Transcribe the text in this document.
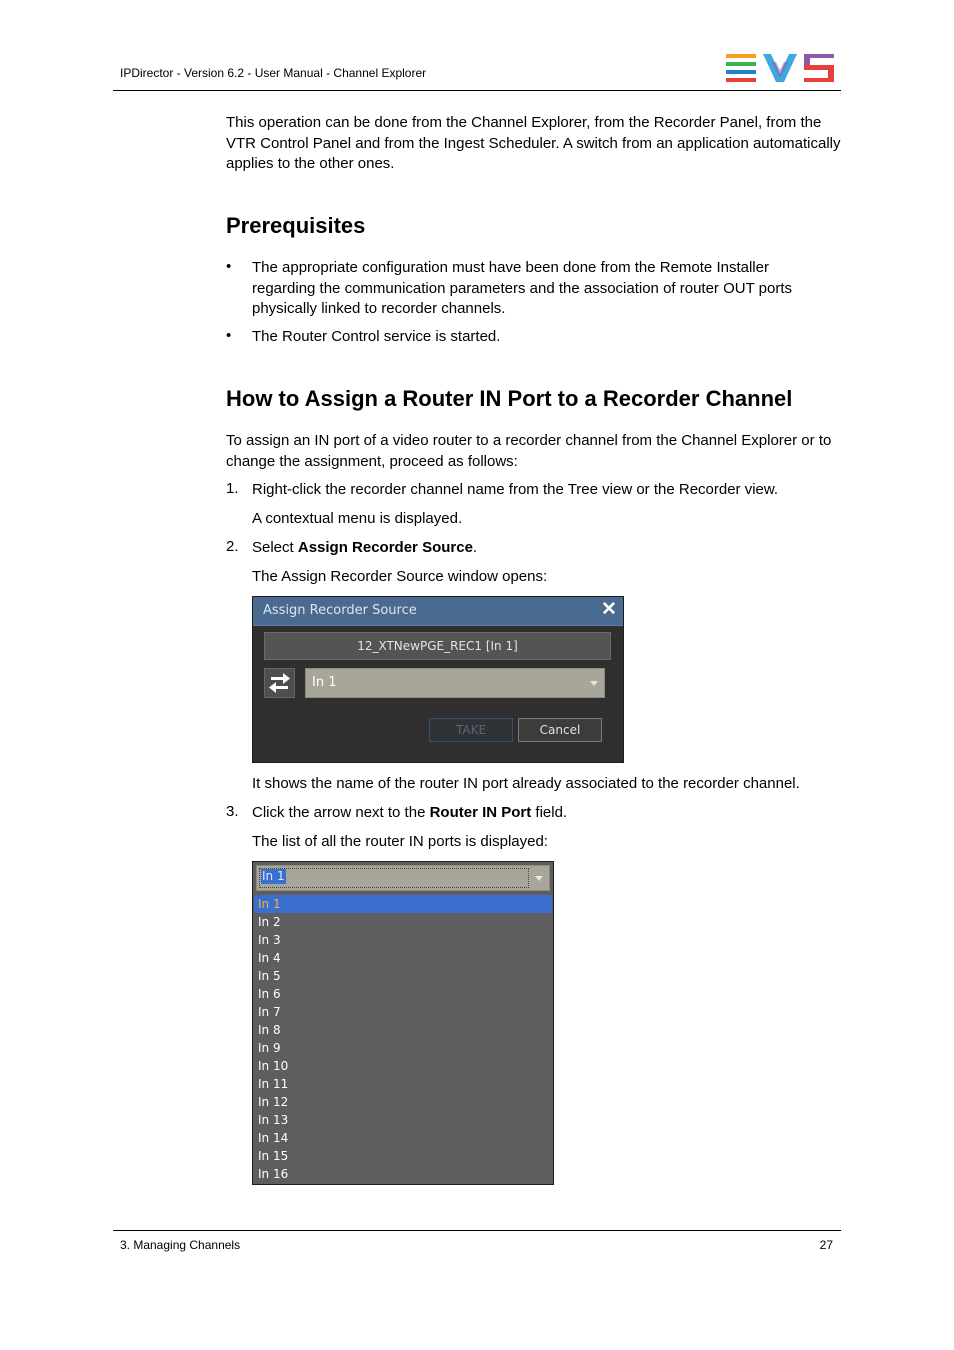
IPDirector - Version 6.2 - User Manual - Channel Explorer
This operation can be done from the Channel Explorer, from the Recorder Panel, from the VTR Control Panel and from the Ingest Scheduler. A switch from an application automatically applies to the other ones.
Prerequisites
• The appropriate configuration must have been done from the Remote Installer regarding the communication parameters and the association of router OUT ports physically linked to recorder channels.
• The Router Control service is started.
How to Assign a Router IN Port to a Recorder Channel
To assign an IN port of a video router to a recorder channel from the Channel Explorer or to change the assignment, proceed as follows:
1. Right-click the recorder channel name from the Tree view or the Recorder view.
A contextual menu is displayed.
2. Select Assign Recorder Source.
The Assign Recorder Source window opens:
Assign Recorder Source	✕
12_XTNewPGE_REC1 [In 1]
In 1
TAKE	Cancel
It shows the name of the router IN port already associated to the recorder channel.
3. Click the arrow next to the Router IN Port field.
The list of all the router IN ports is displayed:
In 1
In 1
In 2
In 3
In 4
In 5
In 6
In 7
In 8
In 9
In 10
In 11
In 12
In 13
In 14
In 15
In 16
3. Managing Channels	27
